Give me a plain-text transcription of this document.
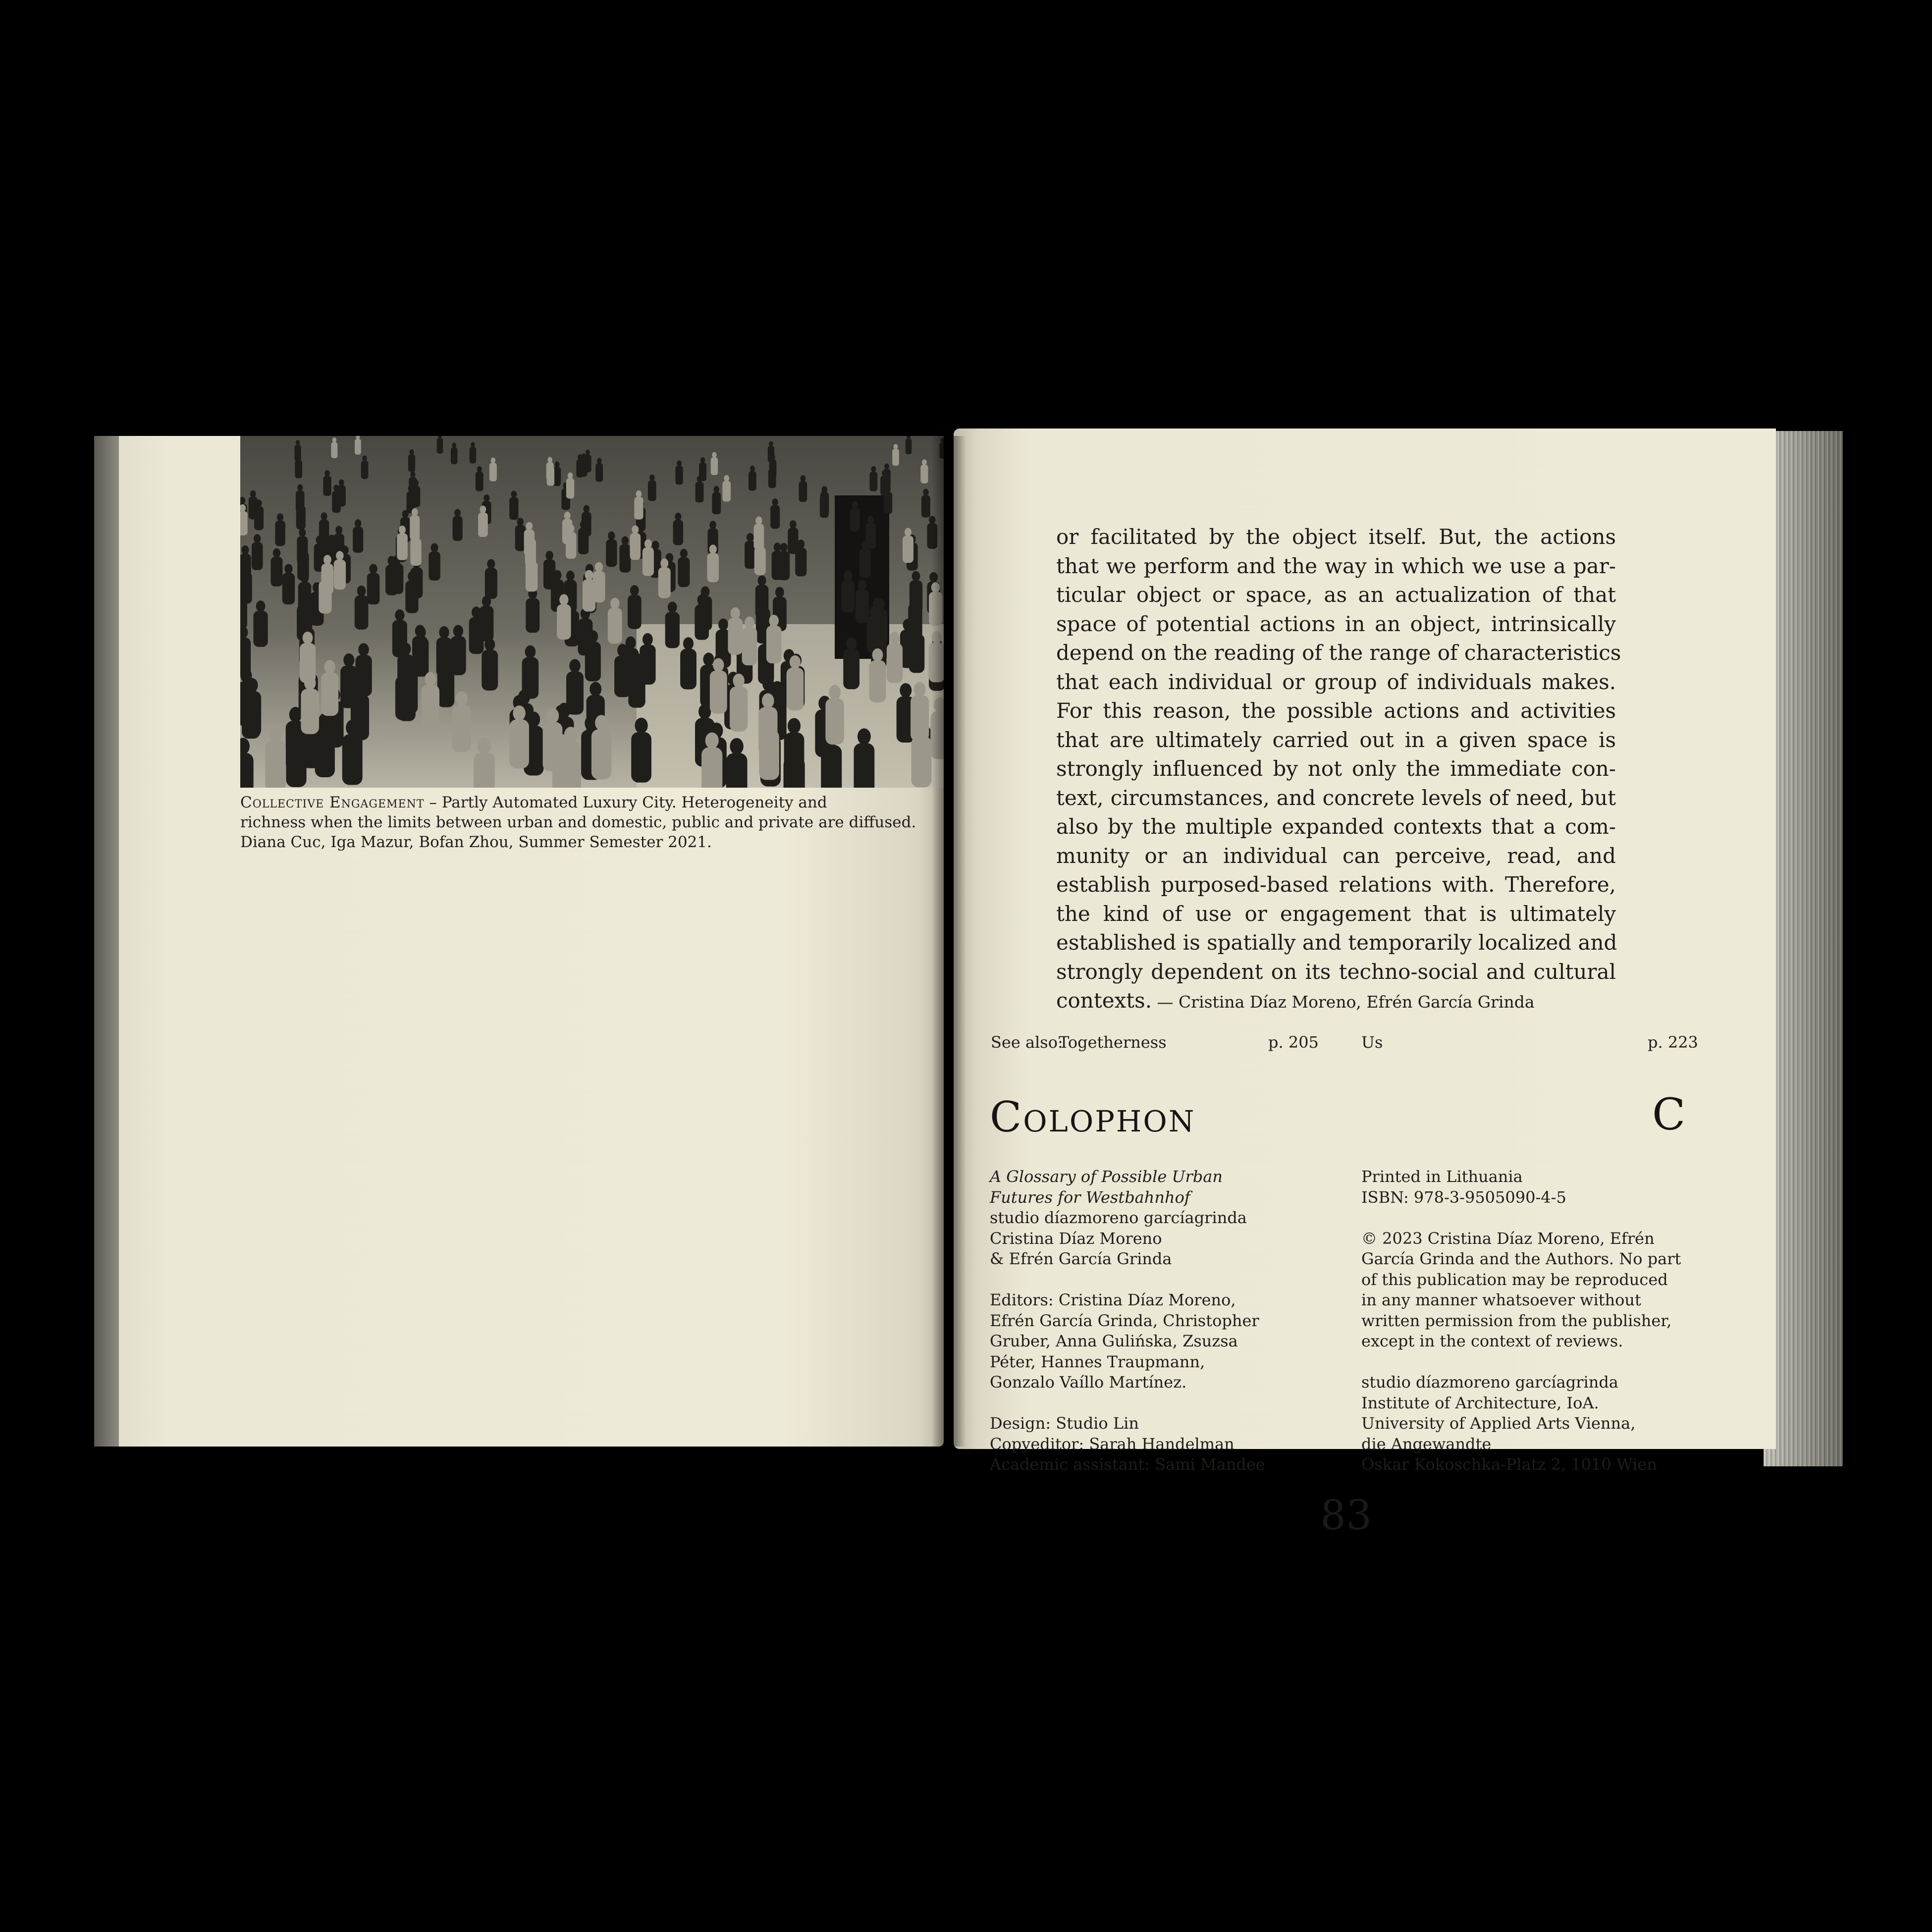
Collective Engagement – Partly Automated Luxury City. Heterogeneity and
richness when the limits between urban and domestic, public and private are diffused.
Diana Cuc, Iga Mazur, Bofan Zhou, Summer Semester 2021.

or facilitated by the object itself. But, the actions
that we perform and the way in which we use a par-
ticular object or space, as an actualization of that
space of potential actions in an object, intrinsically
depend on the reading of the range of characteristics
that each individual or group of individuals makes.
For this reason, the possible actions and activities
that are ultimately carried out in a given space is
strongly influenced by not only the immediate con-
text, circumstances, and concrete levels of need, but
also by the multiple expanded contexts that a com-
munity or an individual can perceive, read, and
establish purposed-based relations with. Therefore,
the kind of use or engagement that is ultimately
established is spatially and temporarily localized and
strongly dependent on its techno-social and cultural

contexts. — Cristina Díaz Moreno, Efrén García Grinda

See also:
Togetherness	p. 205	Us	p. 223
Colophon	C
A Glossary of Possible Urban
Futures for Westbahnhof
studio díazmoreno garcíagrinda
Cristina Díaz Moreno
& Efrén García Grinda
Editors: Cristina Díaz Moreno,
Efrén García Grinda, Christopher
Gruber, Anna Gulińska, Zsuzsa
Péter, Hannes Traupmann,
Gonzalo Vaíllo Martínez.
Design: Studio Lin
Copyeditor: Sarah Handelman
Academic assistant: Sami Mandee
Printed in Lithuania
ISBN: 978-3-9505090-4-5
© 2023 Cristina Díaz Moreno, Efrén
García Grinda and the Authors. No part
of this publication may be reproduced
in any manner whatsoever without
written permission from the publisher,
except in the context of reviews.
studio díazmoreno garcíagrinda
Institute of Architecture, IoA.
University of Applied Arts Vienna,
die Angewandte
Oskar Kokoschka-Platz 2, 1010 Wien
83
